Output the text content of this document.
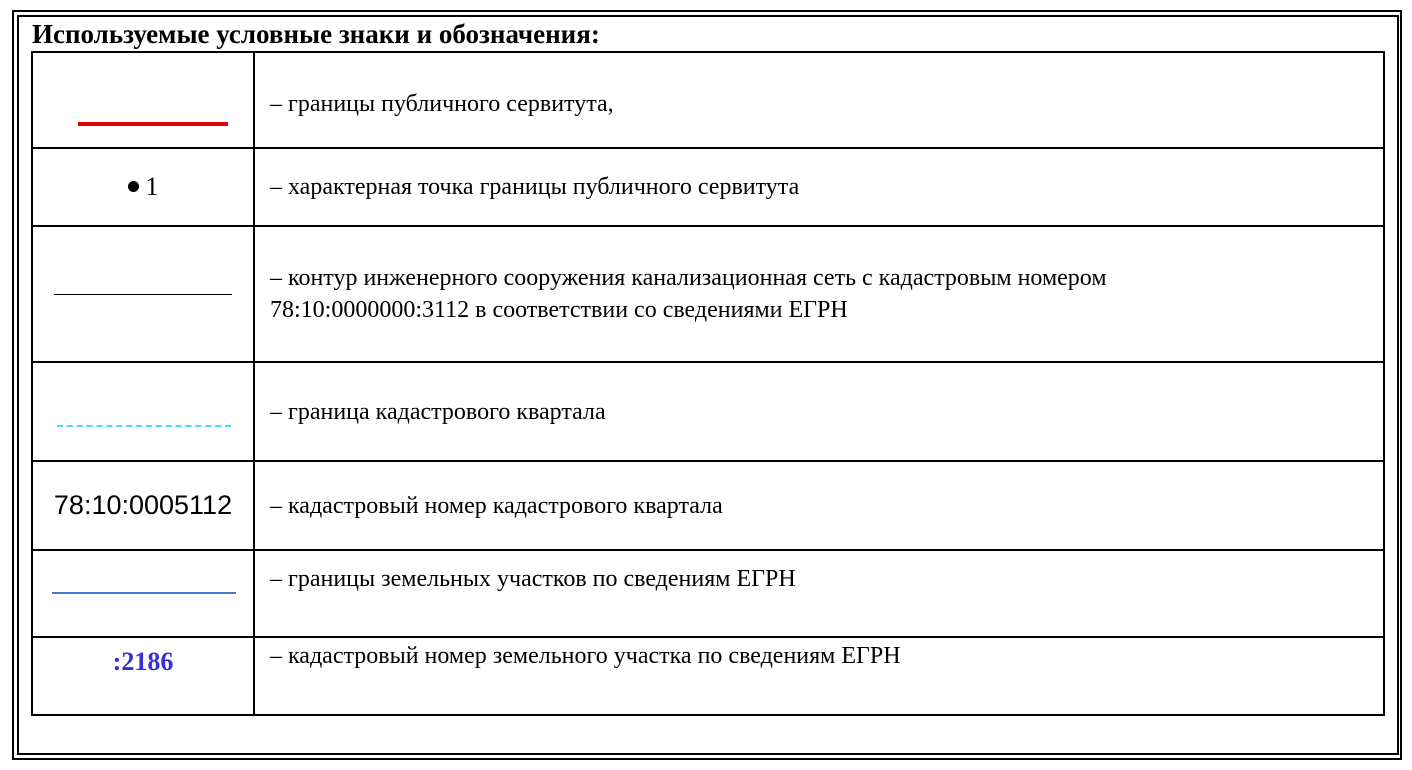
Используемые условные знаки и обозначения:

	– границы публичного сервитута,

1	– характерная точка границы публичного сервитута

	– контур инженерного сооружения канализационная сеть с кадастровым номером
78:10:0000000:3112 в соответствии со сведениями ЕГРН

	– граница кадастрового квартала

78:10:0005112	– кадастровый номер кадастрового квартала

	– границы земельных участков по сведениям ЕГРН

:2186	– кадастровый номер земельного участка по сведениям ЕГРН
